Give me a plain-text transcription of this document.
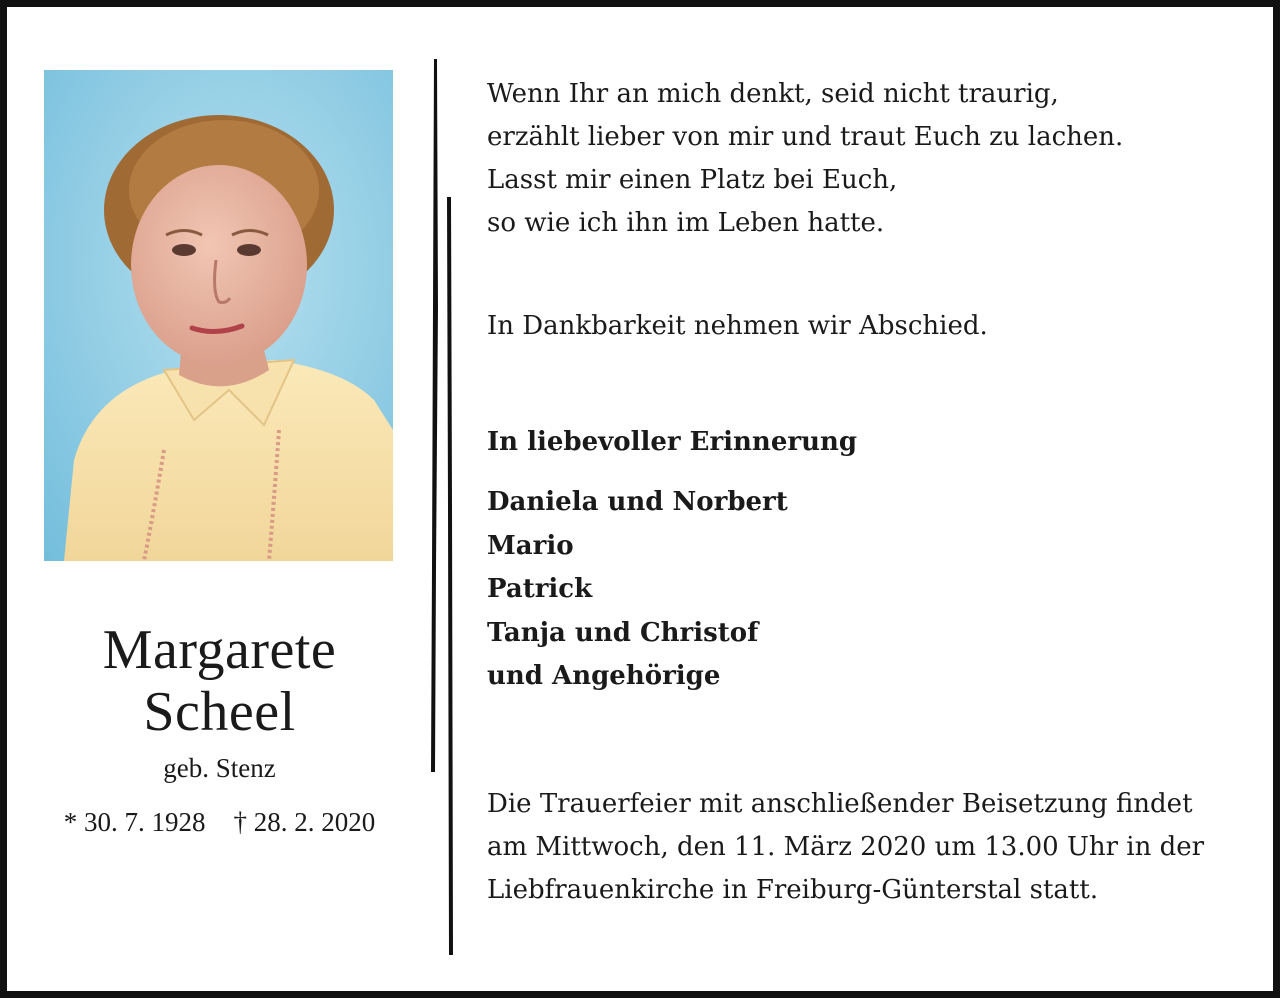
Margarete
Scheel
geb. Stenz
* 30. 7. 1928 † 28. 2. 2020
Wenn Ihr an mich denkt, seid nicht traurig,
erzählt lieber von mir und traut Euch zu lachen.
Lasst mir einen Platz bei Euch,
so wie ich ihn im Leben hatte.
In Dankbarkeit nehmen wir Abschied.
In liebevoller Erinnerung
Daniela und Norbert
Mario
Patrick
Tanja und Christof
und Angehörige
Die Trauerfeier mit anschließender Beisetzung findet
am Mittwoch, den 11. März 2020 um 13.00 Uhr in der
Liebfrauenkirche in Freiburg-Günterstal statt.
